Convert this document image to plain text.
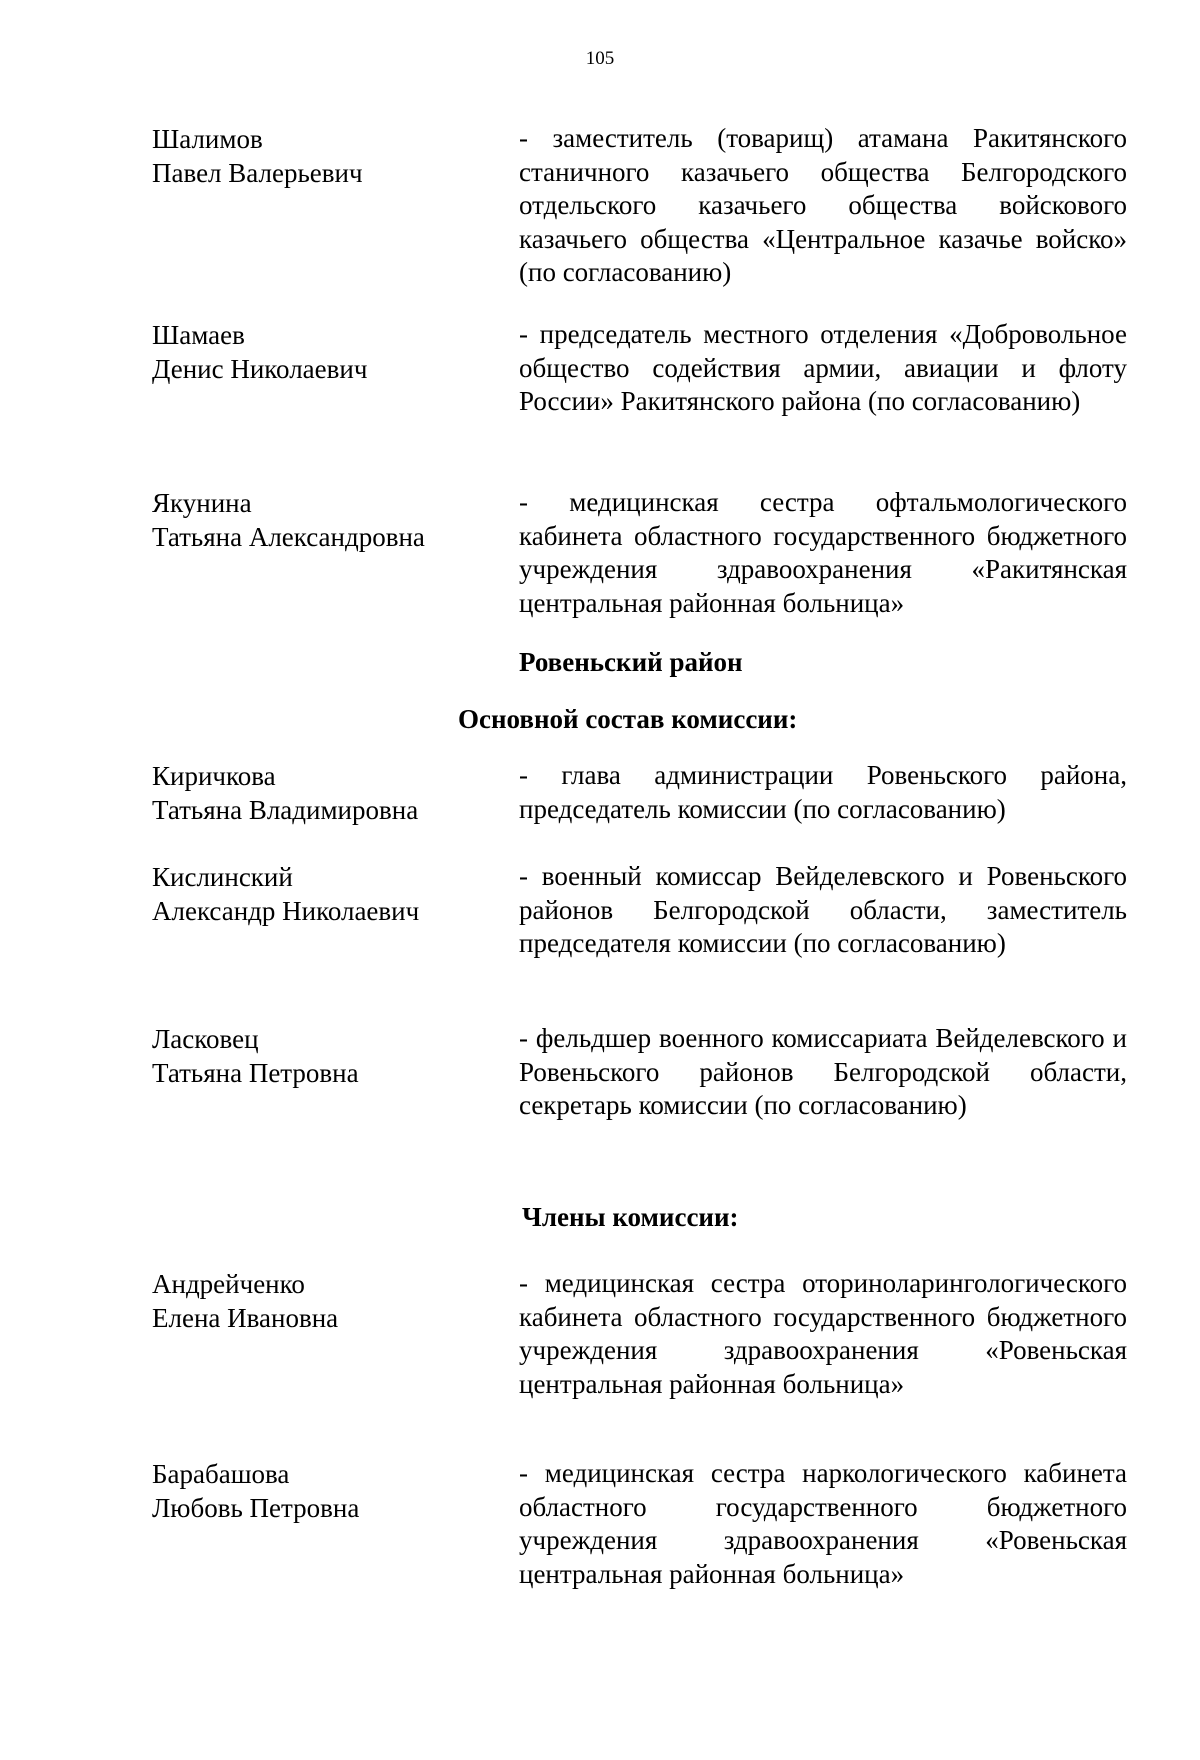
105
Шалимов
Павел Валерьевич
- заместитель (товарищ) атамана Ракитянского станичного казачьего общества Белгородского отдельского казачьего общества войскового казачьего общества «Центральное казачье войско» (по согласованию)
Шамаев
Денис Николаевич
- председатель местного отделения «Добровольное общество содействия армии, авиации и флоту России» Ракитянского района (по согласованию)
Якунина
Татьяна Александровна
- медицинская сестра офтальмологического кабинета областного государственного бюджетного учреждения здравоохранения «Ракитянская центральная районная больница»
Ровеньский район
Основной состав комиссии:
Киричкова
Татьяна Владимировна
- глава администрации Ровеньского района, председатель комиссии (по согласованию)
Кислинский
Александр Николаевич
- военный комиссар Вейделевского и Ровеньского районов Белгородской области, заместитель председателя комиссии (по согласованию)
Ласковец
Татьяна Петровна
- фельдшер военного комиссариата Вейделевского и Ровеньского районов Белгородской области, секретарь комиссии (по согласованию)
Члены комиссии:
Андрейченко
Елена Ивановна
- медицинская сестра оториноларингологического кабинета областного государственного бюджетного учреждения здравоохранения «Ровеньская центральная районная больница»
Барабашова
Любовь Петровна
- медицинская сестра наркологического кабинета областного государственного бюджетного учреждения здравоохранения «Ровеньская центральная районная больница»
